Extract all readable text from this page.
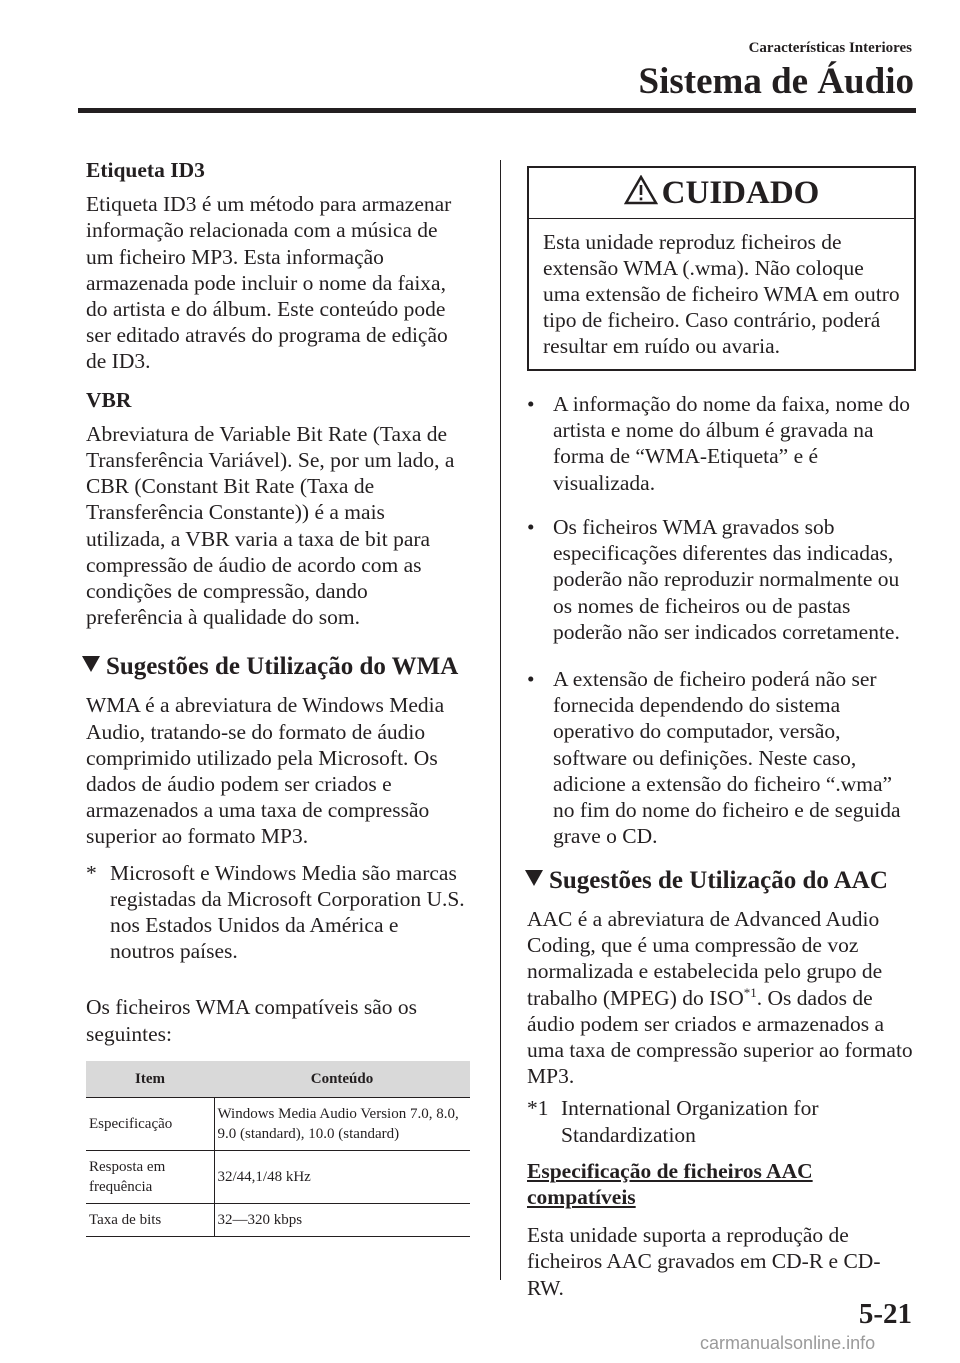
Características Interiores
Sistema de Áudio
Etiqueta ID3

Etiqueta ID3 é um método para armazenar informação relacionada com a música de um ficheiro MP3. Esta informação armazenada pode incluir o nome da faixa, do artista e do álbum. Este conteúdo pode ser editado através do programa de edição de ID3.

VBR

Abreviatura de Variable Bit Rate (Taxa de Transferência Variável). Se, por um lado, a CBR (Constant Bit Rate (Taxa de Transferência Constante)) é a mais utilizada, a VBR varia a taxa de bit para compressão de áudio de acordo com as condições de compressão, dando preferência à qualidade do som.

Sugestões de Utilização do WMA

WMA é a abreviatura de Windows Media Audio, tratando-se do formato de áudio comprimido utilizado pela Microsoft. Os dados de áudio podem ser criados e armazenados a uma taxa de compressão superior ao formato MP3.

* Microsoft e Windows Media são marcas registadas da Microsoft Corporation U.S. nos Estados Unidos da América e noutros países.

Os ficheiros WMA compatíveis são os seguintes:

Item	Conteúdo
Especificação	Windows Media Audio Version 7.0, 8.0, 9.0 (standard), 10.0 (standard)
Resposta em frequência	32/44,1/48 kHz
Taxa de bits	32—320 kbps
CUIDADO
Esta unidade reproduz ficheiros de extensão WMA (.wma). Não coloque uma extensão de ficheiro WMA em outro tipo de ficheiro. Caso contrário, poderá resultar em ruído ou avaria.
• A informação do nome da faixa, nome do artista e nome do álbum é gravada na forma de “WMA-Etiqueta” e é visualizada.
• Os ficheiros WMA gravados sob especificações diferentes das indicadas, poderão não reproduzir normalmente ou os nomes de ficheiros ou de pastas poderão não ser indicados corretamente.
• A extensão de ficheiro poderá não ser fornecida dependendo do sistema operativo do computador, versão, software ou definições. Neste caso, adicione a extensão do ficheiro “.wma” no fim do nome do ficheiro e de seguida grave o CD.
Sugestões de Utilização do AAC

AAC é a abreviatura de Advanced Audio Coding, que é uma compressão de voz normalizada e estabelecida pelo grupo de trabalho (MPEG) do ISO$^{*1}$. Os dados de áudio podem ser criados e armazenados a uma taxa de compressão superior ao formato MP3.

*1 International Organization for Standardization

Especificação de ficheiros AAC compatíveis

Esta unidade suporta a reprodução de ficheiros AAC gravados em CD-R e CD-RW.

5-21
carmanualsonline.info
